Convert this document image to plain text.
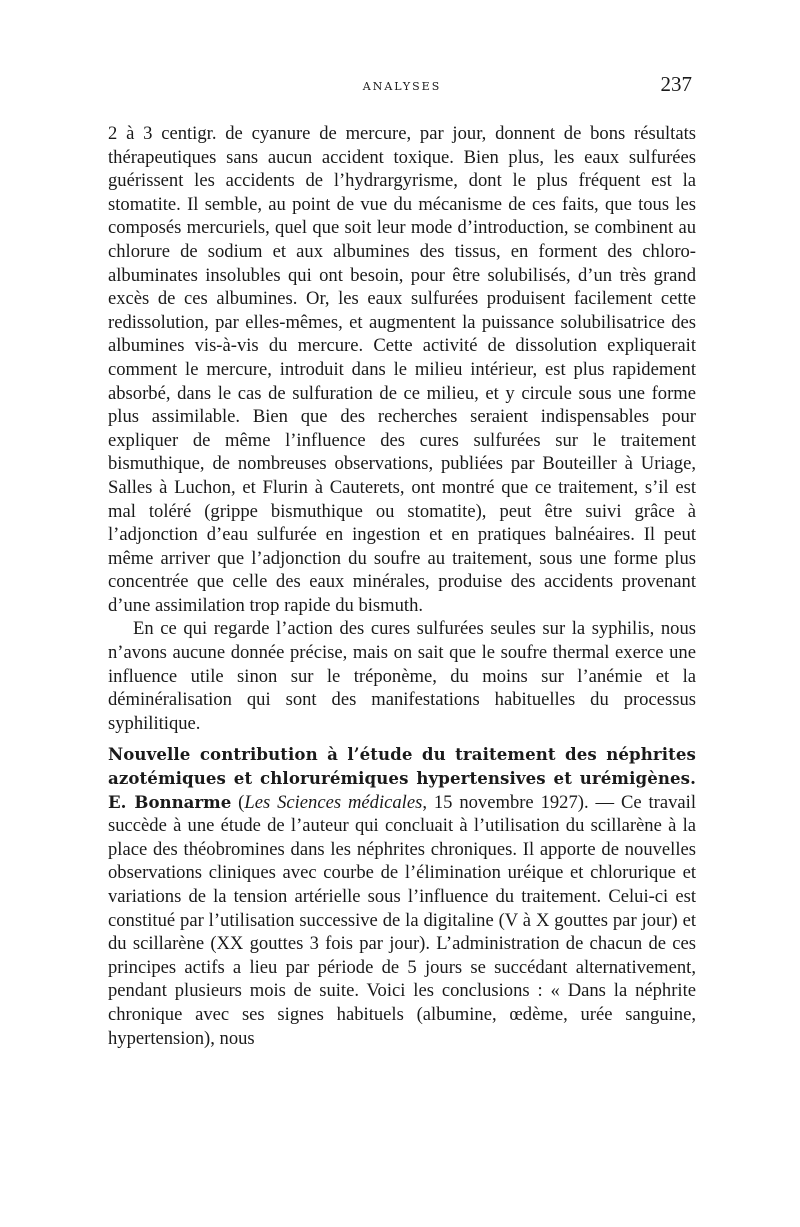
ANALYSES	237

2 à 3 centigr. de cyanure de mercure, par jour, donnent de bons résultats thérapeutiques sans aucun accident toxique. Bien plus, les eaux sulfurées guérissent les accidents de l’hydrargyrisme, dont le plus fréquent est la stomatite. Il semble, au point de vue du mécanisme de ces faits, que tous les composés mercuriels, quel que soit leur mode d’introduction, se combinent au chlorure de sodium et aux albumines des tissus, en forment des chloro-albuminates insolubles qui ont besoin, pour être solubilisés, d’un très grand excès de ces albumines. Or, les eaux sulfurées produisent facilement cette redissolution, par elles-mêmes, et augmentent la puissance solubilisatrice des albumines vis-à-vis du mercure. Cette activité de dissolution expliquerait comment le mercure, introduit dans le milieu intérieur, est plus rapidement absorbé, dans le cas de sulfuration de ce milieu, et y circule sous une forme plus assimilable. Bien que des recherches seraient indispensables pour expliquer de même l’influence des cures sulfurées sur le traitement bismuthique, de nombreuses observations, publiées par Bouteiller à Uriage, Salles à Luchon, et Flurin à Cauterets, ont montré que ce traitement, s’il est mal toléré (grippe bismuthique ou stomatite), peut être suivi grâce à l’adjonction d’eau sulfurée en ingestion et en pratiques balnéaires. Il peut même arriver que l’adjonction du soufre au traitement, sous une forme plus concentrée que celle des eaux minérales, produise des accidents provenant d’une assimilation trop rapide du bismuth.

En ce qui regarde l’action des cures sulfurées seules sur la syphilis, nous n’avons aucune donnée précise, mais on sait que le soufre thermal exerce une influence utile sinon sur le tréponème, du moins sur l’anémie et la déminéralisation qui sont des manifestations habituelles du processus syphilitique.

Nouvelle contribution à l’étude du traitement des néphrites azotémiques et chlorurémiques hypertensives et urémigènes. E. Bonnarme (Les Sciences médicales, 15 novembre 1927). — Ce travail succède à une étude de l’auteur qui concluait à l’utilisation du scillarène à la place des théobromines dans les néphrites chroniques. Il apporte de nouvelles observations cliniques avec courbe de l’élimination uréique et chlorurique et variations de la tension artérielle sous l’influence du traitement. Celui-ci est constitué par l’utilisation successive de la digitaline (V à X gouttes par jour) et du scillarène (XX gouttes 3 fois par jour). L’administration de chacun de ces principes actifs a lieu par période de 5 jours se succédant alternativement, pendant plusieurs mois de suite. Voici les conclusions : « Dans la néphrite chronique avec ses signes habituels (albumine, œdème, urée sanguine, hypertension), nous
